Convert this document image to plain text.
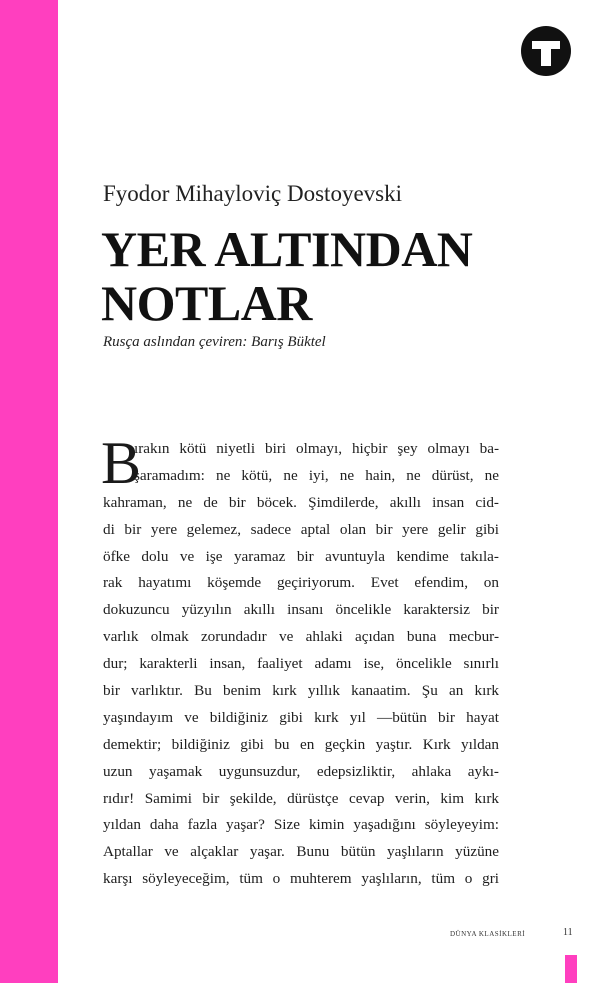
Fyodor Mihayloviç Dostoyevski
YER ALTINDAN
NOTLAR
Rusça aslından çeviren: Barış Büktel
B
ırakın kötü niyetli biri olmayı, hiçbir şey olmayı ba-
şaramadım: ne kötü, ne iyi, ne hain, ne dürüst, ne
kahraman, ne de bir böcek. Şimdilerde, akıllı insan cid-
di bir yere gelemez, sadece aptal olan bir yere gelir gibi
öfke dolu ve işe yaramaz bir avuntuyla kendime takıla-
rak hayatımı köşemde geçiriyorum. Evet efendim, on
dokuzuncu yüzyılın akıllı insanı öncelikle karaktersiz bir
varlık olmak zorundadır ve ahlaki açıdan buna mecbur-
dur; karakterli insan, faaliyet adamı ise, öncelikle sınırlı
bir varlıktır. Bu benim kırk yıllık kanaatim. Şu an kırk
yaşındayım ve bildiğiniz gibi kırk yıl —bütün bir hayat
demektir; bildiğiniz gibi bu en geçkin yaştır. Kırk yıldan
uzun yaşamak uygunsuzdur, edepsizliktir, ahlaka aykı-
rıdır! Samimi bir şekilde, dürüstçe cevap verin, kim kırk
yıldan daha fazla yaşar? Size kimin yaşadığını söyleyeyim:
Aptallar ve alçaklar yaşar. Bunu bütün yaşlıların yüzüne
karşı söyleyeceğim, tüm o muhterem yaşlıların, tüm o gri
DÜNYA KLASİKLERİ	11
